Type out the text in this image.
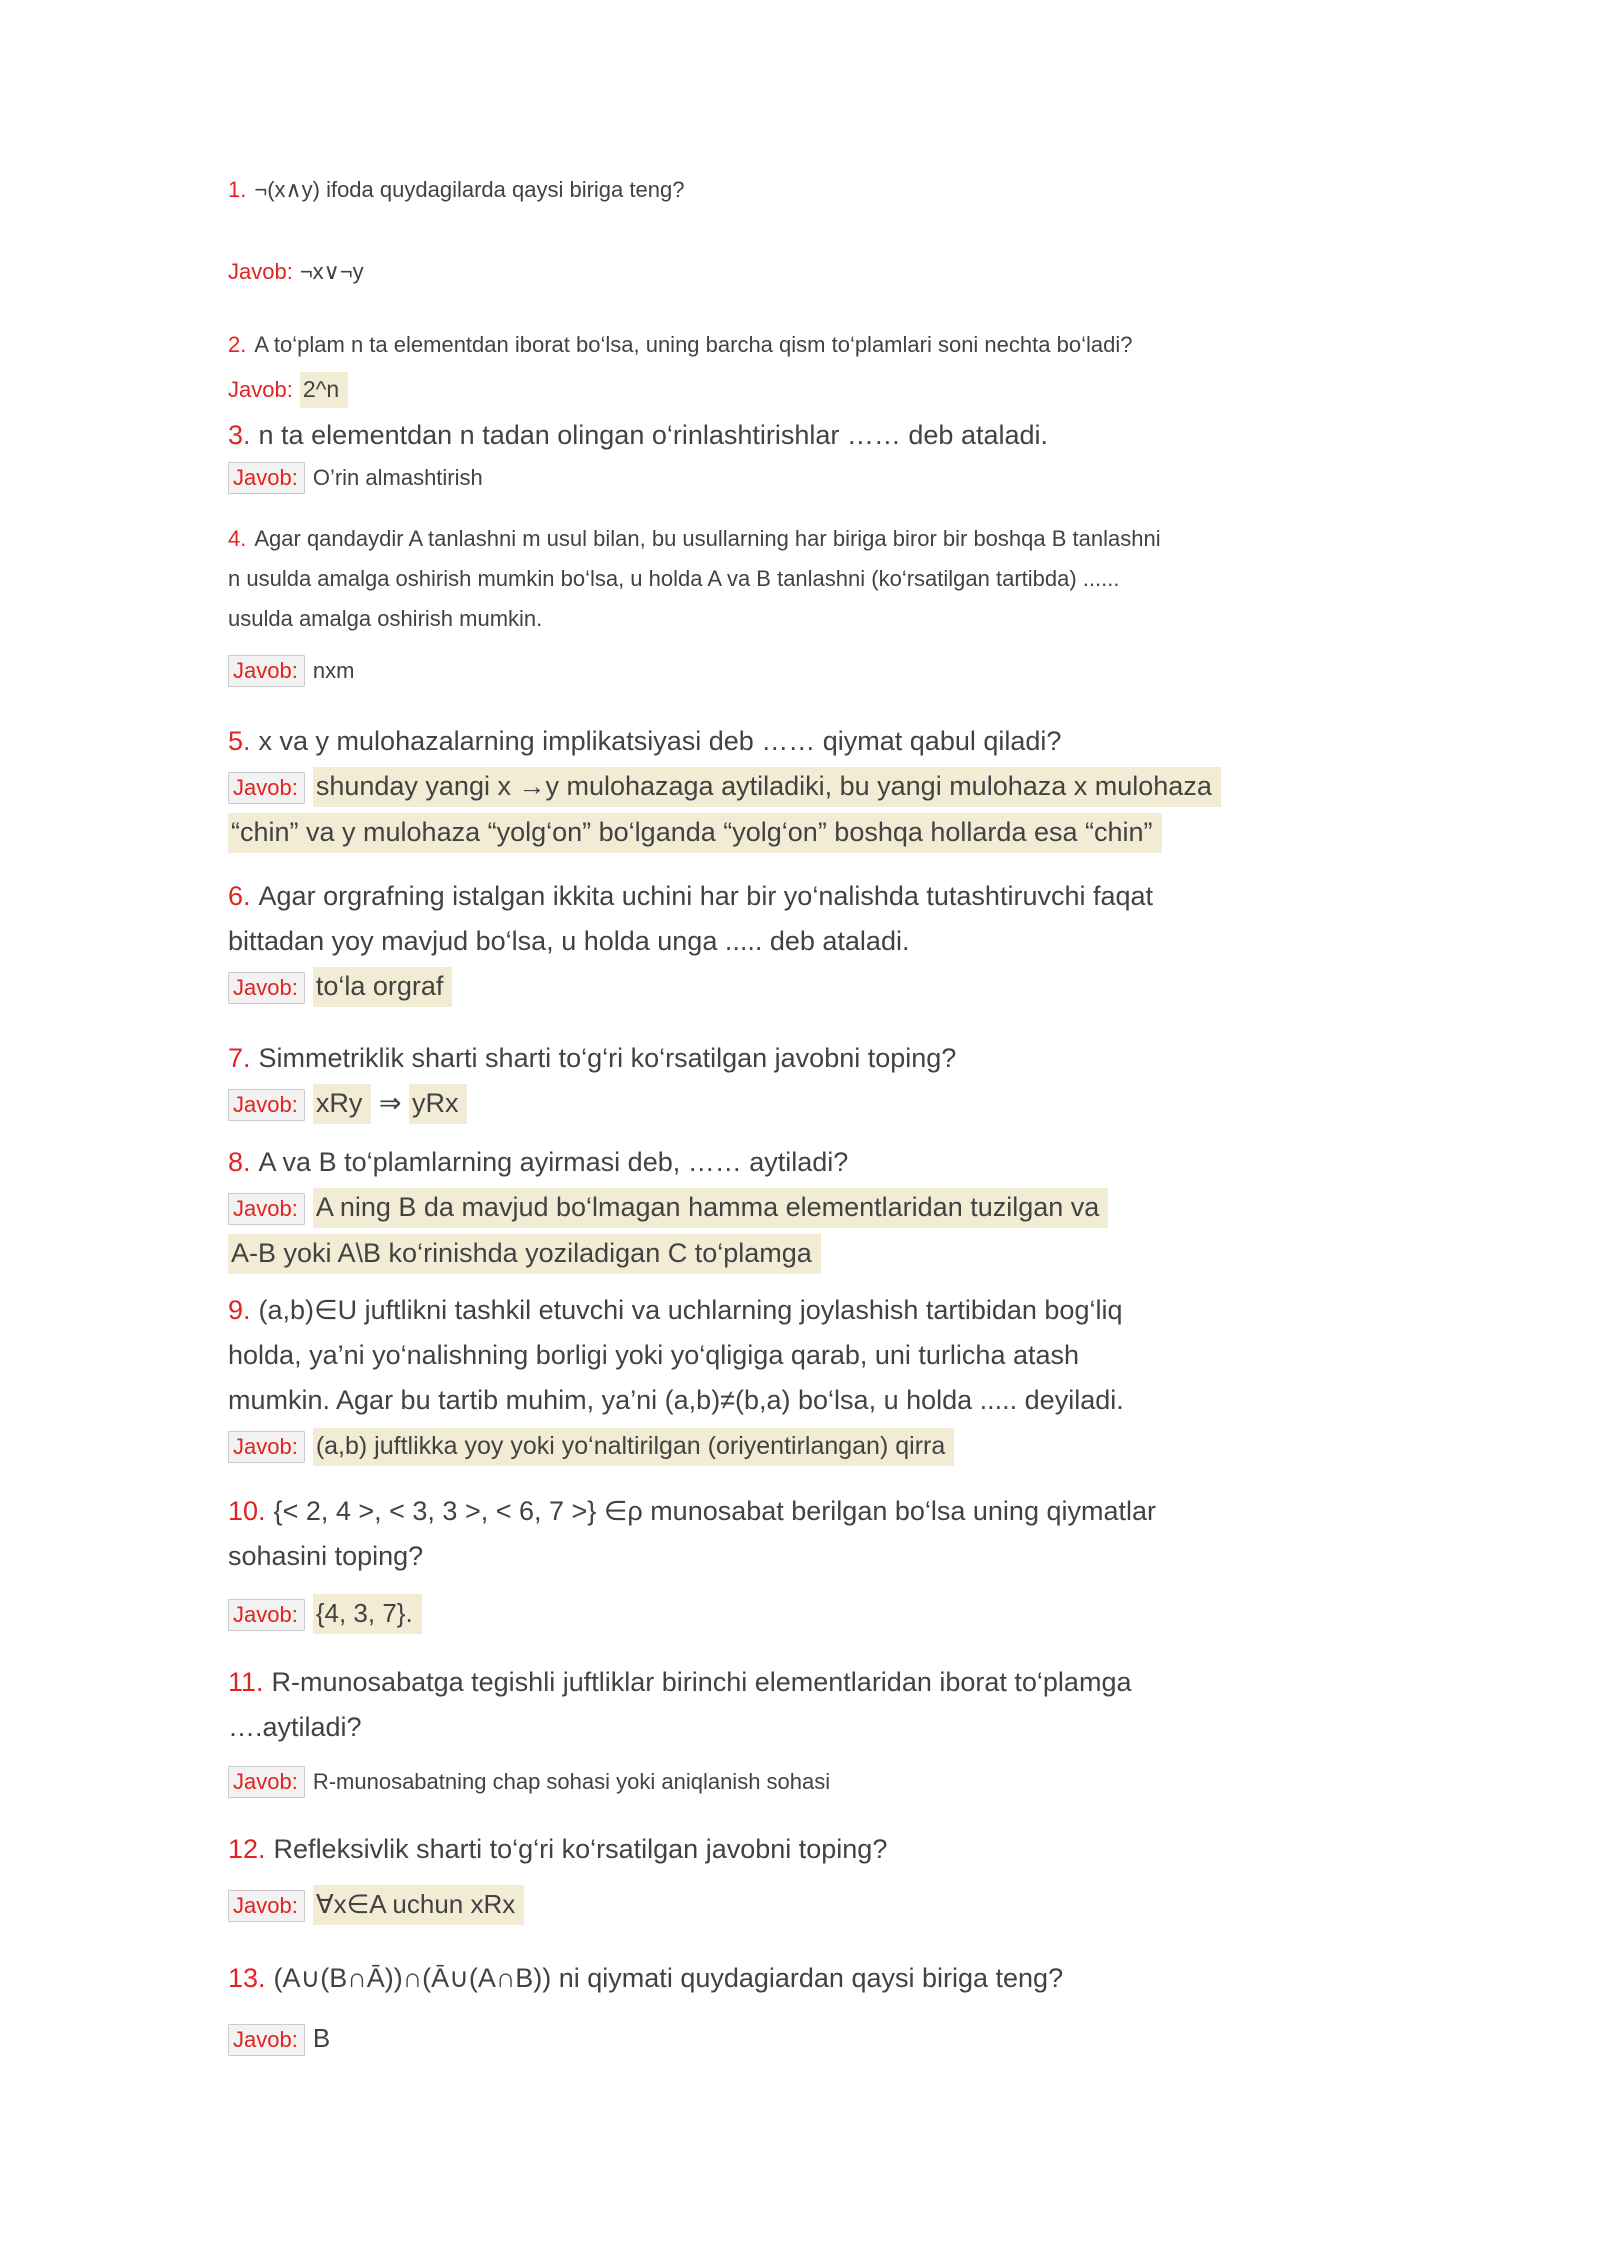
1. ¬(x∧y) ifoda quydagilarda qaysi biriga teng?
Javob: ¬x∨¬y
2. A to‘plam n ta elementdan iborat bo‘lsa, uning barcha qism to‘plamlari soni nechta bo‘ladi?
Javob: 2^n
3. n ta elementdan n tadan olingan o‘rinlashtirishlar …… deb ataladi.
Javob: O’rin almashtirish
4. Agar qandaydir A tanlashni m usul bilan, bu usullarning har biriga biror bir boshqa B tanlashni
n usulda amalga oshirish mumkin bo‘lsa, u holda A va B tanlashni (ko‘rsatilgan tartibda) ......
usulda amalga oshirish mumkin.
Javob: nxm
5. x va y mulohazalarning implikatsiyasi deb …… qiymat qabul qiladi?
Javob: shunday yangi x →y mulohazaga aytiladiki, bu yangi mulohaza x mulohaza
“chin” va y mulohaza “yolg‘on” bo‘lganda “yolg‘on” boshqa hollarda esa “chin”
6. Agar orgrafning istalgan ikkita uchini har bir yo‘nalishda tutashtiruvchi faqat
bittadan yoy mavjud bo‘lsa, u holda unga ..... deb ataladi.
Javob: to‘la orgraf
7. Simmetriklik sharti sharti to‘g‘ri ko‘rsatilgan javobni toping?
Javob: xRy ⇒ yRx
8. A va B to‘plamlarning ayirmasi deb, …… aytiladi?
Javob: A ning B da mavjud bo‘lmagan hamma elementlaridan tuzilgan va
A-B yoki A\B ko‘rinishda yoziladigan C to‘plamga
9. (a,b)∈U juftlikni tashkil etuvchi va uchlarning joylashish tartibidan bog‘liq
holda, ya’ni yo‘nalishning borligi yoki yo‘qligiga qarab, uni turlicha atash
mumkin. Agar bu tartib muhim, ya’ni (a,b)≠(b,a) bo‘lsa, u holda ..... deyiladi.
Javob: (a,b) juftlikka yoy yoki yo‘naltirilgan (oriyentirlangan) qirra
10. {< 2, 4 >, < 3, 3 >, < 6, 7 >} ∈ρ munosabat berilgan bo‘lsa uning qiymatlar
sohasini toping?
Javob: {4, 3, 7}.
11. R-munosabatga tegishli juftliklar birinchi elementlaridan iborat to‘plamga
….aytiladi?
Javob: R-munosabatning chap sohasi yoki aniqlanish sohasi
12. Refleksivlik sharti to‘g‘ri ko‘rsatilgan javobni toping?
Javob: ∀x∈A uchun xRx
13. (A∪(B∩Ā))∩(Ā∪(A∩B)) ni qiymati quydagiardan qaysi biriga teng?
Javob: B
